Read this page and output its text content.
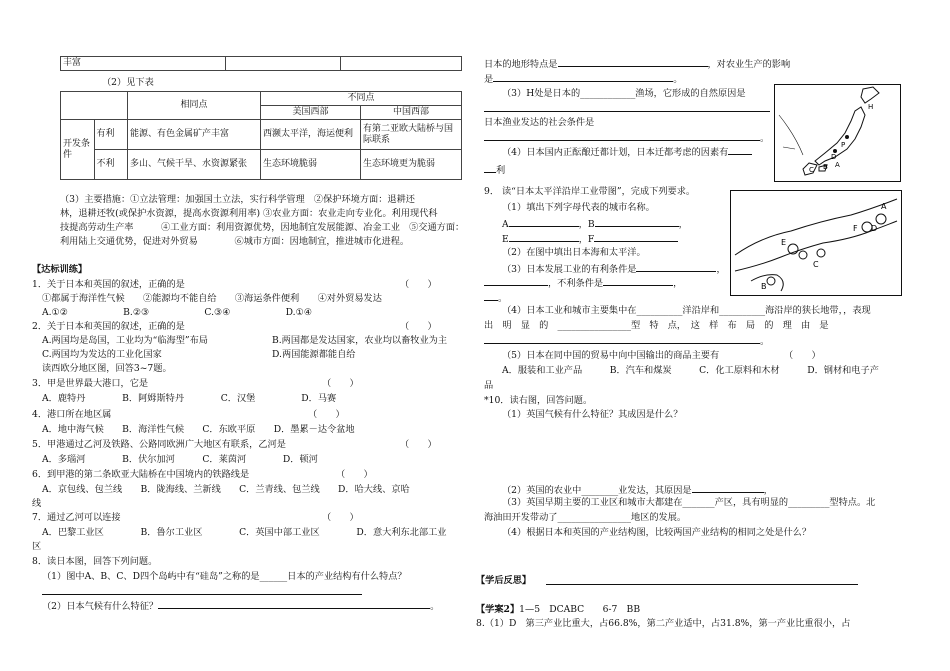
丰富		
（2）见下表
		相同点	不同点	
			美国西部	中国西部
开发条件	有利	能源、有色金属矿产丰富	西濒太平洋，海运便利	有第二亚欧大陆桥与国际联系
	不利	多山、气候干旱、水资源紧张	生态环境脆弱	生态环境更为脆弱
（3）主要措施：①立法管理：加强国土立法，实行科学管理　②保护环境方面：退耕还
林，退耕还牧(或保护水资源，提高水资源利用率) ③农业方面：农业走向专业化。利用现代科
技提高劳动生产率　　　④工业方面：利用资源优势，因地制宜发展能源、冶金工业　⑤交通方面：
利用陆上交通优势，促进对外贸易　　　　⑥城市方面：因地制宜，推进城市化进程。
【达标训练】
1．关于日本和英国的叙述，正确的是	（　　）
①都属于海洋性气候　　②能源均不能自给　　③海运条件便利　　④对外贸易发达
A.①②　　　　　　B.②③　　　　　　C.③④　　　　　　D.①④
2．关于日本和英国的叙述，正确的是	（　　）
A.两国均是岛国，工业均为“临海型”布局	B.两国都是发达国家，农业均以畜牧业为主
C.两国均为发达的工业化国家	D.两国能源都能自给
读西欧分地区图，回答3~7题。
3．甲是世界最大港口，它是	（　　）
A．鹿特丹　　　　B．阿姆斯特丹　　　　C．汉堡　　　　　D．马赛
4．港口所在地区属	（　　）
A．地中海气候　　B．海洋性气候　　C．东欧平原　　D．墨累－达令盆地
5．甲港通过乙河及铁路、公路同欧洲广大地区有联系，乙河是	（　　）
A．多瑙河　　　　B．伏尔加河　　　C．莱茵河　　　　D．顿河
6．到甲港的第二条欧亚大陆桥在中国境内的铁路线是	（　　）
A．京包线、包兰线　　B．陇海线、兰新线　　C．兰青线、包兰线　　D．哈大线、京哈
线
7．通过乙河可以连接	（　　）
A．巴黎工业区　　　　B．鲁尔工业区　　　　C．英国中部工业区　　　　D．意大利东北部工业
区
8．读日本图，回答下列问题。
（1）图中A、B、C、D四个岛屿中有“硅岛”之称的是______日本的产业结构有什么特点？
（2）日本气候有什么特征？	。
日本的地形特点是	，对农业生产的影响
是	。
（3）H处是日本的____________渔场，它形成的自然原因是
日本渔业发达的社会条件是
。
（4）日本国内正酝酿迁都计划，日本迁都考虑的因素有
利
H
B
P
D
C
A
9． 读“日本太平洋沿岸工业带图”，完成下列要求。
（1）填出下列字母代表的城市名称。
A	，B	，
E	，F
（2）在图中填出日本海和太平洋。
（3）日本发展工业的有利条件是	，
，不利条件是	，
。
A
B
C
D
E
F
（4）日本工业和城市主要集中在__________洋沿岸和__________海沿岸的狭长地带，，表现
出　明　显　的　________________型　特　点，　这　样　布　局　的　理　由　是
。
（5）日本在同中国的贸易中向中国输出的商品主要有	（　　）
A．服装和工业产品　　　B．汽车和煤炭　　　C．化工原料和木材　　　D．钢材和电子产
品
*10．读右图，回答问题。
（1）英国气候有什么特征？其成因是什么？
（2）英国的农业中________业发达，其原因是	，
（3）英国早期主要的工业区和城市大都建在_______产区，具有明显的_________型特点。北
海油田开发带动了________________地区的发展。
（4）根据日本和英国的产业结构图，比较两国产业结构的相同之处是什么？
【学后反思】
【学案2】1—5　DCABC　　6-7　BB
8.（1）D　第三产业比重大，占66.8%，第二产业适中，占31.8%，第一产业比重很小，占
